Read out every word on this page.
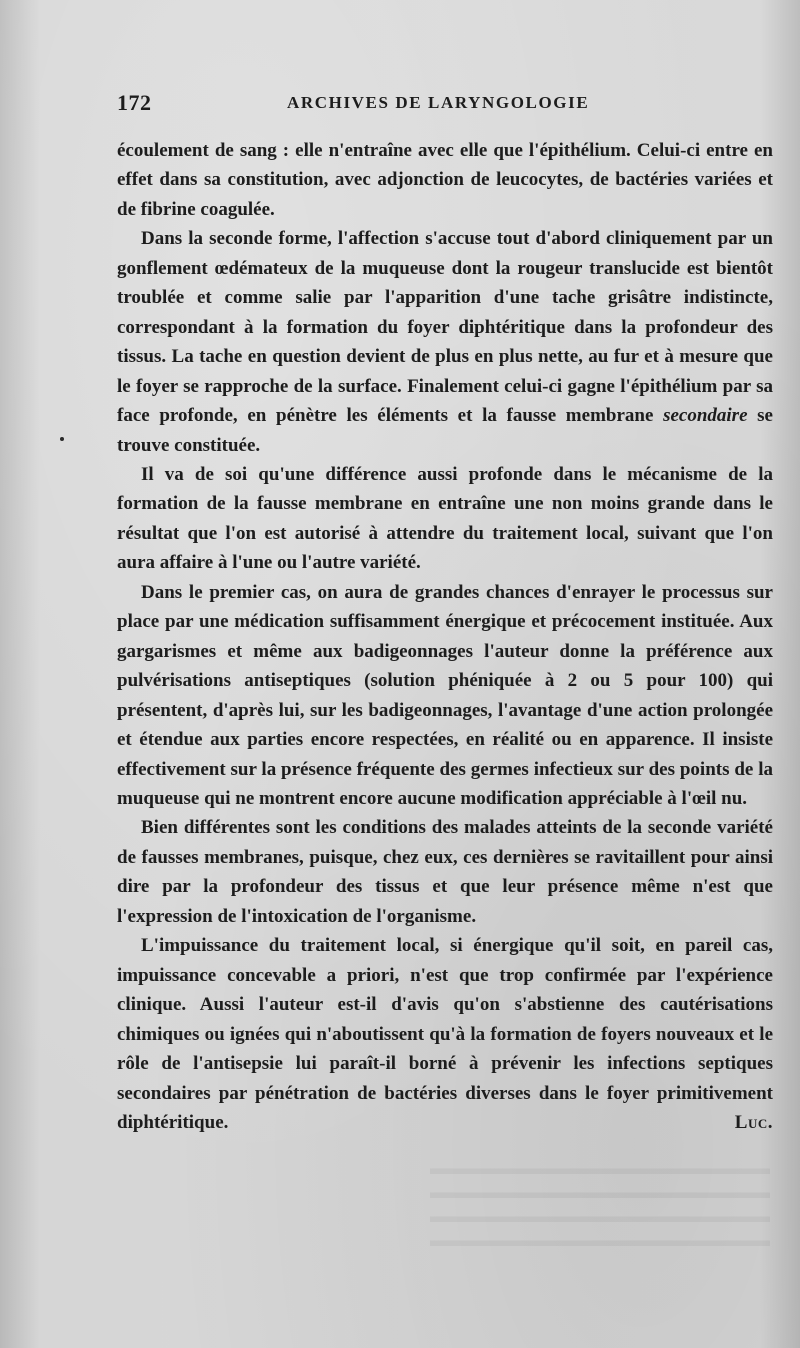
172	ARCHIVES DE LARYNGOLOGIE

écoulement de sang : elle n'entraîne avec elle que l'épithélium. Celui-ci entre en effet dans sa constitution, avec adjonction de leucocytes, de bactéries variées et de fibrine coagulée.

Dans la seconde forme, l'affection s'accuse tout d'abord cliniquement par un gonflement œdémateux de la muqueuse dont la rougeur translucide est bientôt troublée et comme salie par l'apparition d'une tache grisâtre indistincte, correspondant à la formation du foyer diphtéritique dans la profondeur des tissus. La tache en question devient de plus en plus nette, au fur et à mesure que le foyer se rapproche de la surface. Finalement celui-ci gagne l'épithélium par sa face profonde, en pénètre les éléments et la fausse membrane secondaire se trouve constituée.

Il va de soi qu'une différence aussi profonde dans le mécanisme de la formation de la fausse membrane en entraîne une non moins grande dans le résultat que l'on est autorisé à attendre du traitement local, suivant que l'on aura affaire à l'une ou l'autre variété.

Dans le premier cas, on aura de grandes chances d'enrayer le processus sur place par une médication suffisamment énergique et précocement instituée. Aux gargarismes et même aux badigeonnages l'auteur donne la préférence aux pulvérisations antiseptiques (solution phéniquée à 2 ou 5 pour 100) qui présentent, d'après lui, sur les badigeonnages, l'avantage d'une action prolongée et étendue aux parties encore respectées, en réalité ou en apparence. Il insiste effectivement sur la présence fréquente des germes infectieux sur des points de la muqueuse qui ne montrent encore aucune modification appréciable à l'œil nu.

Bien différentes sont les conditions des malades atteints de la seconde variété de fausses membranes, puisque, chez eux, ces dernières se ravitaillent pour ainsi dire par la profondeur des tissus et que leur présence même n'est que l'expression de l'intoxication de l'organisme.

L'impuissance du traitement local, si énergique qu'il soit, en pareil cas, impuissance concevable a priori, n'est que trop confirmée par l'expérience clinique. Aussi l'auteur est-il d'avis qu'on s'abstienne des cautérisations chimiques ou ignées qui n'aboutissent qu'à la formation de foyers nouveaux et le rôle de l'antisepsie lui paraît-il borné à prévenir les infections septiques secondaires par pénétration de bactéries diverses dans le foyer primitivement diphtéritique.	Luc.
